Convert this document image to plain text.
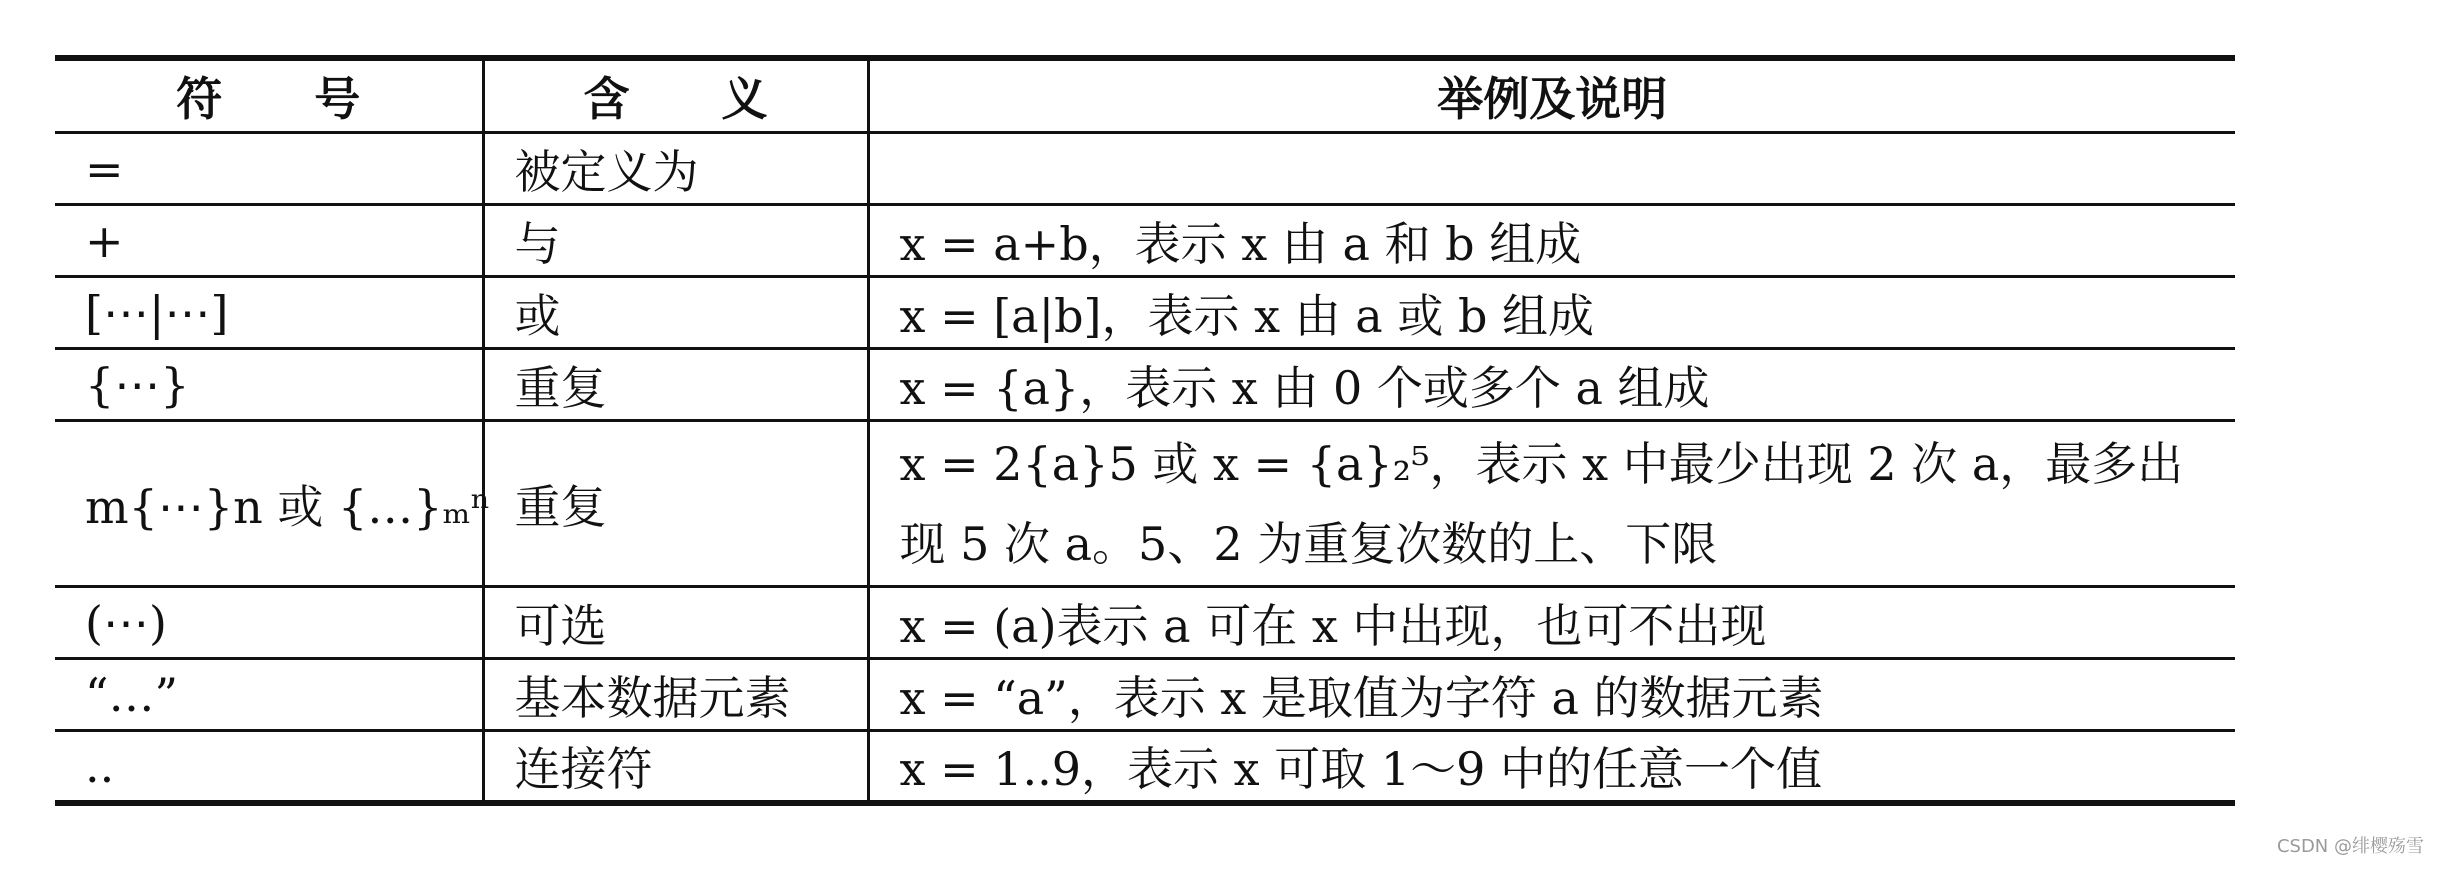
符　　号	含　　义	举例及说明
=	被定义为	
+	与	x = a+b，表示 x 由 a 和 b 组成
[⋯|⋯]	或	x = [a|b]，表示 x 由 a 或 b 组成
{⋯}	重复	x = {a}，表示 x 由 0 个或多个 a 组成
m{⋯}n 或 {…}ₘⁿ	重复	x = 2{a}5 或 x = {a}₂⁵，表示 x 中最少出现 2 次 a，最多出现 5 次 a。5、2 为重复次数的上、下限
(⋯)	可选	x = (a)表示 a 可在 x 中出现，也可不出现
“…”	基本数据元素	x = “a”，表示 x 是取值为字符 a 的数据元素
..	连接符	x = 1..9，表示 x 可取 1～9 中的任意一个值
CSDN @绯樱殇雪
